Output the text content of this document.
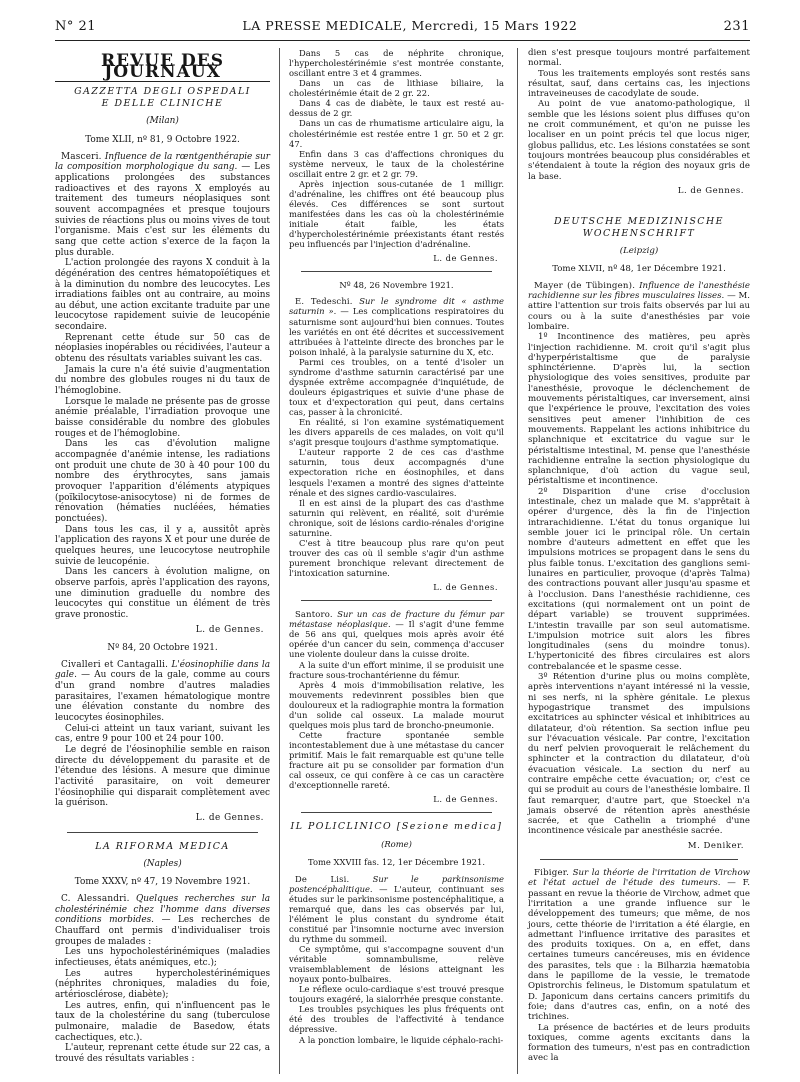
N° 21	LA PRESSE MEDICALE, Mercredi, 15 Mars 1922	231
REVUE DES JOURNAUX
GAZZETTA DEGLI OSPEDALI
E DELLE CLINICHE
(Milan)
Tome XLII, nº 81, 9 Octobre 1922.

Masceri. Influence de la rœntgenthérapie sur la composition morphologique du sang. — Les applications prolongées des substances radioactives et des rayons X employés au traitement des tumeurs néoplasiques sont souvent accompagnées et presque toujours suivies de réactions plus ou moins vives de tout l'organisme. Mais c'est sur les éléments du sang que cette action s'exerce de la façon la plus durable.

L'action prolongée des rayons X conduit à la dégénération des centres hématopoïétiques et à la diminution du nombre des leucocytes. Les irradiations faibles ont au contraire, au moins au début, une action excitante traduite par une leucocytose rapidement suivie de leucopénie secondaire.

Reprenant cette étude sur 50 cas de néoplasies inopérables ou récidivées, l'auteur a obtenu des résultats variables suivant les cas.

Jamais la cure n'a été suivie d'augmentation du nombre des globules rouges ni du taux de l'hémoglobine.

Lorsque le malade ne présente pas de grosse anémie préalable, l'irradiation provoque une baisse considérable du nombre des globules rouges et de l'hémoglobine.

Dans les cas d'évolution maligne accompagnée d'anémie intense, les radiations ont produit une chute de 30 à 40 pour 100 du nombre des érythrocytes, sans jamais provoquer l'apparition d'éléments atypiques (poïkilocytose-anisocytose) ni de formes de rénovation (hématies nucléées, hématies ponctuées).

Dans tous les cas, il y a, aussitôt après l'application des rayons X et pour une durée de quelques heures, une leucocytose neutrophile suivie de leucopénie.

Dans les cancers à évolution maligne, on observe parfois, après l'application des rayons, une diminution graduelle du nombre des leucocytes qui constitue un élément de très grave pronostic.

L. de Gennes.
Nº 84, 20 Octobre 1921.

Civalleri et Cantagalli. L'éosinophilie dans la gale. — Au cours de la gale, comme au cours d'un grand nombre d'autres maladies parasitaires, l'examen hématologique montre une élévation constante du nombre des leucocytes éosinophiles.

Celui-ci atteint un taux variant, suivant les cas, entre 9 pour 100 et 24 pour 100.

Le degré de l'éosinophilie semble en raison directe du développement du parasite et de l'étendue des lésions. A mesure que diminue l'activité parasitaire, on voit demeurer l'éosinophilie qui disparait complètement avec la guérison.

L. de Gennes.
LA RIFORMA MEDICA
(Naples)
Tome XXXV, nº 47, 19 Novembre 1921.

C. Alessandri. Quelques recherches sur la cholestérinémie chez l'homme dans diverses conditions morbides. — Les recherches de Chauffard ont permis d'individualiser trois groupes de malades :

Les uns hypocholestérinémiques (maladies infectieuses, états anémiques, etc.);

Les autres hypercholestérinémiques (néphrites chroniques, maladies du foie, artériosclérose, diabète);

Les autres, enfin, qui n'influencent pas le taux de la cholestérine du sang (tuberculose pulmonaire, maladie de Basedow, états cachectiques, etc.).

L'auteur, reprenant cette étude sur 22 cas, a trouvé des résultats variables :

Dans 5 cas de néphrite chronique, l'hypercholestérinémie s'est montrée constante, oscillant entre 3 et 4 grammes.

Dans un cas de lithiase biliaire, la cholestérinémie était de 2 gr. 22.

Dans 4 cas de diabète, le taux est resté au-dessus de 2 gr.

Dans un cas de rhumatisme articulaire aigu, la cholestérinémie est restée entre 1 gr. 50 et 2 gr. 47.

Enfin dans 3 cas d'affections chroniques du système nerveux, le taux de la cholestérine oscillait entre 2 gr. et 2 gr. 79.

Après injection sous-cutanée de 1 milligr. d'adrénaline, les chiffres ont été beaucoup plus élevés. Ces différences se sont surtout manifestées dans les cas où la cholestérinémie initiale était faible, les états d'hypercholestérinémie préexistants étant restés peu influencés par l'injection d'adrénaline.

L. de Gennes.
Nº 48, 26 Novembre 1921.

E. Tedeschi. Sur le syndrome dit « asthme saturnin ». — Les complications respiratoires du saturnisme sont aujourd'hui bien connues. Toutes les variétés en ont été décrites et successivement attribuées à l'atteinte directe des bronches par le poison inhalé, à la paralysie saturnine du X, etc.

Parmi ces troubles, on a tenté d'isoler un syndrome d'asthme saturnin caractérisé par une dyspnée extrême accompagnée d'inquiétude, de douleurs épigastriques et suivie d'une phase de toux et d'expectoration qui peut, dans certains cas, passer à la chronicité.

En réalité, si l'on examine systématiquement les divers appareils de ces malades, on voit qu'il s'agit presque toujours d'asthme symptomatique.

L'auteur rapporte 2 de ces cas d'asthme saturnin, tous deux accompagnés d'une expectoration riche en éosinophiles, et dans lesquels l'examen a montré des signes d'atteinte rénale et des signes cardio-vasculaires.

Il en est ainsi de la plupart des cas d'asthme saturnin qui relèvent, en réalité, soit d'urémie chronique, soit de lésions cardio-rénales d'origine saturnine.

C'est à titre beaucoup plus rare qu'on peut trouver des cas où il semble s'agir d'un asthme purement bronchique relevant directement de l'intoxication saturnine.

L. de Gennes.

Santoro. Sur un cas de fracture du fémur par métastase néoplasique. — Il s'agit d'une femme de 56 ans qui, quelques mois après avoir été opérée d'un cancer du sein, commença d'accuser une violente douleur dans la cuisse droite.

A la suite d'un effort minime, il se produisit une fracture sous-trochantérienne du fémur.

Après 4 mois d'immobilisation relative, les mouvements redevinrent possibles bien que douloureux et la radiographie montra la formation d'un solide cal osseux. La malade mourut quelques mois plus tard de broncho-pneumonie.

Cette fracture spontanée semble incontestablement due à une métastase du cancer primitif. Mais le fait remarquable est qu'une telle fracture ait pu se consolider par formation d'un cal osseux, ce qui confère à ce cas un caractère d'exceptionnelle rareté.

L. de Gennes.
IL POLICLINICO [Sezione medica]
(Rome)
Tome XXVIII fas. 12, 1er Décembre 1921.

De Lisi.	Sur le parkinsonisme postencéphalitique. — L'auteur, continuant ses études sur le parkinsonisme postencéphalitique, a remarqué que, dans les cas observés par lui, l'élément le plus constant du syndrome était constitué par l'insomnie nocturne avec inversion du rythme du sommeil.

Ce symptôme, qui s'accompagne souvent d'un véritable somnambulisme, relève vraisemblablement de lésions atteignant les noyaux ponto-bulbaires.

Le réflexe oculo-cardiaque s'est trouvé presque toujours exagéré, la sialorrhée presque constante.

Les troubles psychiques les plus fréquents ont été des troubles de l'affectivité à tendance dépressive.

A la ponction lombaire, le liquide céphalo-rachi-

dien s'est presque toujours montré parfaitement normal.

Tous les traitements employés sont restés sans résultat, sauf, dans certains cas, les injections intraveineuses de cacodylate de soude.

Au point de vue anatomo-pathologique, il semble que les lésions soient plus diffuses qu'on ne croit communément, et qu'on ne puisse les localiser en un point précis tel que locus niger, globus pallidus, etc. Les lésions constatées se sont toujours montrées beaucoup plus considérables et s'étendaient à toute la région des noyaux gris de la base.

L. de Gennes.
DEUTSCHE MEDIZINISCHE
WOCHENSCHRIFT
(Leipzig)
Tome XLVII, nº 48, 1er Décembre 1921.

Mayer (de Tübingen). Influence de l'anesthésie rachidienne sur les fibres musculaires lisses. — M. attire l'attention sur trois faits observés par lui au cours ou à la suite d'anesthésies par voie lombaire.

1º Incontinence des matières, peu après l'injection rachidienne. M. croit qu'il s'agit plus d'hyperpéristaltisme que de paralysie sphinctérienne. D'après lui, la section physiologique des voies sensitives, produite par l'anesthésie, provoque le déclenchement de mouvements péristaltiques, car inversement, ainsi que l'expérience le prouve, l'excitation des voies sensitives peut amener l'inhibition de ces mouvements. Rappelant les actions inhibitrice du splanchnique et excitatrice du vague sur le péristaltisme intestinal, M. pense que l'anesthésie rachidienne entraîne la section physiologique du splanchnique, d'où action du vague seul, péristaltisme et incontinence.

2º Disparition d'une crise d'occlusion intestinale, chez un malade que M. s'apprêtait à opérer d'urgence, dès la fin de l'injection intrarachidienne. L'état du tonus organique lui semble jouer ici le principal rôle. Un certain nombre d'auteurs admettent en effet que les impulsions motrices se propagent dans le sens du plus faible tonus. L'excitation des ganglions semi-lunaires en particulier, provoque (d'après Talma) des contractions pouvant aller jusqu'au spasme et à l'occlusion. Dans l'anesthésie rachidienne, ces excitations (qui normalement ont un point de départ variable) se trouvent supprimées. L'intestin travaille par son seul automatisme. L'impulsion motrice suit alors les fibres longitudinales (sens du moindre tonus). L'hypertonicité des fibres circulaires est alors contrebalancée et le spasme cesse.

3º Rétention d'urine plus ou moins complète, après interventions n'ayant intéressé ni la vessie, ni ses nerfs, ni la sphère génitale. Le plexus hypogastrique transmet des impulsions excitatrices au sphincter vésical et inhibitrices au dilatateur, d'où rétention. Sa section influe peu sur l'évacuation vésicale. Par contre, l'excitation du nerf pelvien provoquerait le relâchement du sphincter et la contraction du dilatateur, d'où évacuation vésicale. La section du nerf au contraire empêche cette évacuation; or, c'est ce qui se produit au cours de l'anesthésie lombaire. Il faut remarquer, d'autre part, que Stoeckel n'a jamais observé de rétention après anesthésie sacrée, et que Cathelin a triomphé d'une incontinence vésicale par anesthésie sacrée.

M. Deniker.

Fibiger. Sur la théorie de l'irritation de Virchow et l'état actuel de l'étude des tumeurs. — F. passant en revue la théorie de Virchow, admet que l'irritation a une grande influence sur le développement des tumeurs; que même, de nos jours, cette théorie de l'irritation a été élargie, en admettant l'influence irritative des parasites et des produits toxiques. On a, en effet, dans certaines tumeurs cancéreuses, mis en évidence des parasites, tels que : la Bilharzia hæmatobia dans le papillome de la vessie, le trematode Opistrorchis felineus, le Distomum spatulatum et D. Japonicum dans certains cancers primitifs du foie; dans d'autres cas, enfin, on a noté des trichines.

La présence de bactéries et de leurs produits toxiques, comme agents excitants dans la formation des tumeurs, n'est pas en contradiction avec la
